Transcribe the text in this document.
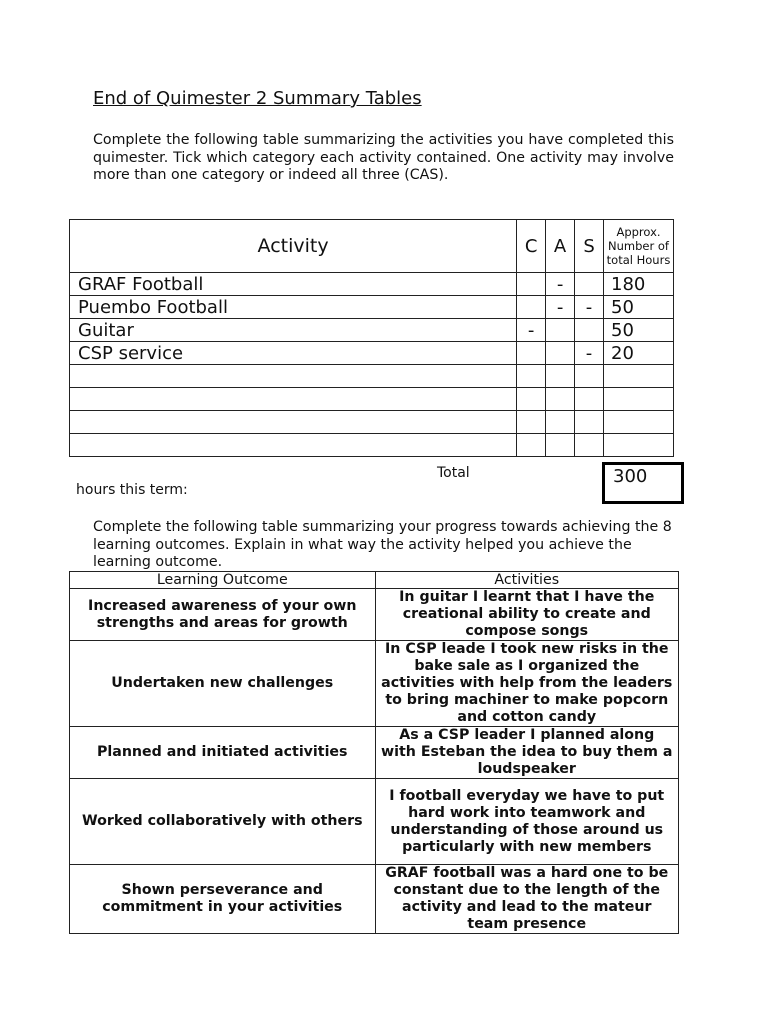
End of Quimester 2 Summary Tables

Complete the following table summarizing the activities you have completed this quimester. Tick which category each activity contained. One activity may involve more than one category or indeed all three (CAS).

Activity	C	A	S	Approx. Number of total Hours
GRAF Football		-		180
Puembo Football		-	-	50
Guitar	-			50
CSP service			-	20

Total	300
hours this term:

Complete the following table summarizing your progress towards achieving the 8 learning outcomes. Explain in what way the activity helped you achieve the learning outcome.

Learning Outcome	Activities
Increased awareness of your own strengths and areas for growth	In guitar I learnt that I have the creational ability to create and compose songs
Undertaken new challenges	In CSP leade I took new risks in the bake sale as I organized the activities with help from the leaders to bring machiner to make popcorn and cotton candy
Planned and initiated activities	As a CSP leader I planned along with Esteban the idea to buy them a loudspeaker
Worked collaboratively with others	I football everyday we have to put hard work into teamwork and understanding of those around us particularly with new members
Shown perseverance and commitment in your activities	GRAF football was a hard one to be constant due to the length of the activity and lead to the mateur team presence
